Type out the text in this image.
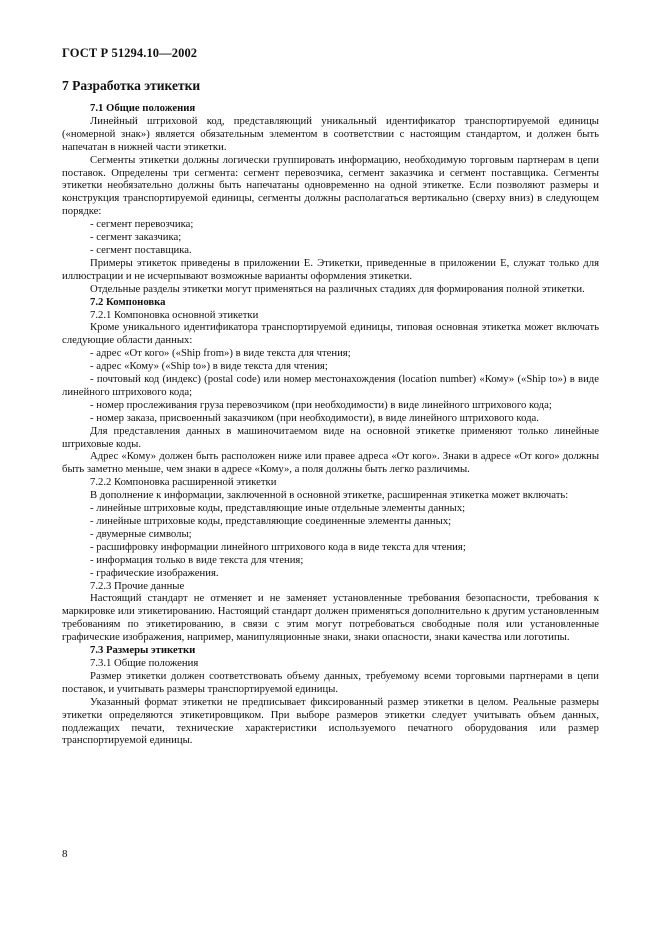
ГОСТ Р 51294.10—2002
7 Разработка этикетки
7.1 Общие положения

Линейный штриховой код, представляющий уникальный идентификатор транспортируемой единицы («номерной знак») является обязательным элементом в соответствии с настоящим стандартом, и должен быть напечатан в нижней части этикетки.

Сегменты этикетки должны логически группировать информацию, необходимую торговым партнерам в цепи поставок. Определены три сегмента: сегмент перевозчика, сегмент заказчика и сегмент поставщика. Сегменты этикетки необязательно должны быть напечатаны одновременно на одной этикетке. Если позволяют размеры и конструкция транспортируемой единицы, сегменты должны располагаться вертикально (сверху вниз) в следующем порядке:

- сегмент перевозчика;

- сегмент заказчика;

- сегмент поставщика.

Примеры этикеток приведены в приложении Е. Этикетки, приведенные в приложении Е, служат только для иллюстрации и не исчерпывают возможные варианты оформления этикетки.

Отдельные разделы этикетки могут применяться на различных стадиях для формирования полной этикетки.

7.2 Компоновка
7.2.1 Компоновка основной этикетки

Кроме уникального идентификатора транспортируемой единицы, типовая основная этикетка может включать следующие области данных:

- адрес «От кого» («Ship from») в виде текста для чтения;

- адрес «Кому» («Ship to») в виде текста для чтения;

- почтовый код (индекс) (postal code) или номер местонахождения (location number) «Кому» («Ship to») в виде линейного штрихового кода;

- номер прослеживания груза перевозчиком (при необходимости) в виде линейного штрихового кода;

- номер заказа, присвоенный заказчиком (при необходимости), в виде линейного штрихового кода.

Для представления данных в машиночитаемом виде на основной этикетке применяют только линейные штриховые коды.

Адрес «Кому» должен быть расположен ниже или правее адреса «От кого». Знаки в адресе «От кого» должны быть заметно меньше, чем знаки в адресе «Кому», а поля должны быть легко различимы.

7.2.2 Компоновка расширенной этикетки

В дополнение к информации, заключенной в основной этикетке, расширенная этикетка может включать:

- линейные штриховые коды, представляющие иные отдельные элементы данных;

- линейные штриховые коды, представляющие соединенные элементы данных;

- двумерные символы;

- расшифровку информации линейного штрихового кода в виде текста для чтения;

- информация только в виде текста для чтения;

- графические изображения.

7.2.3 Прочие данные

Настоящий стандарт не отменяет и не заменяет установленные требования безопасности, требования к маркировке или этикетированию. Настоящий стандарт должен применяться дополнительно к другим установленным требованиям по этикетированию, в связи с этим могут потребоваться свободные поля или установленные графические изображения, например, манипуляционные знаки, знаки опасности, знаки качества или логотипы.

7.3 Размеры этикетки
7.3.1 Общие положения

Размер этикетки должен соответствовать объему данных, требуемому всеми торговыми партнерами в цепи поставок, и учитывать размеры транспортируемой единицы.

Указанный формат этикетки не предписывает фиксированный размер этикетки в целом. Реальные размеры этикетки определяются этикетировщиком. При выборе размеров этикетки следует учитывать объем данных, подлежащих печати, технические характеристики используемого печатного оборудования или размер транспортируемой единицы.

8
